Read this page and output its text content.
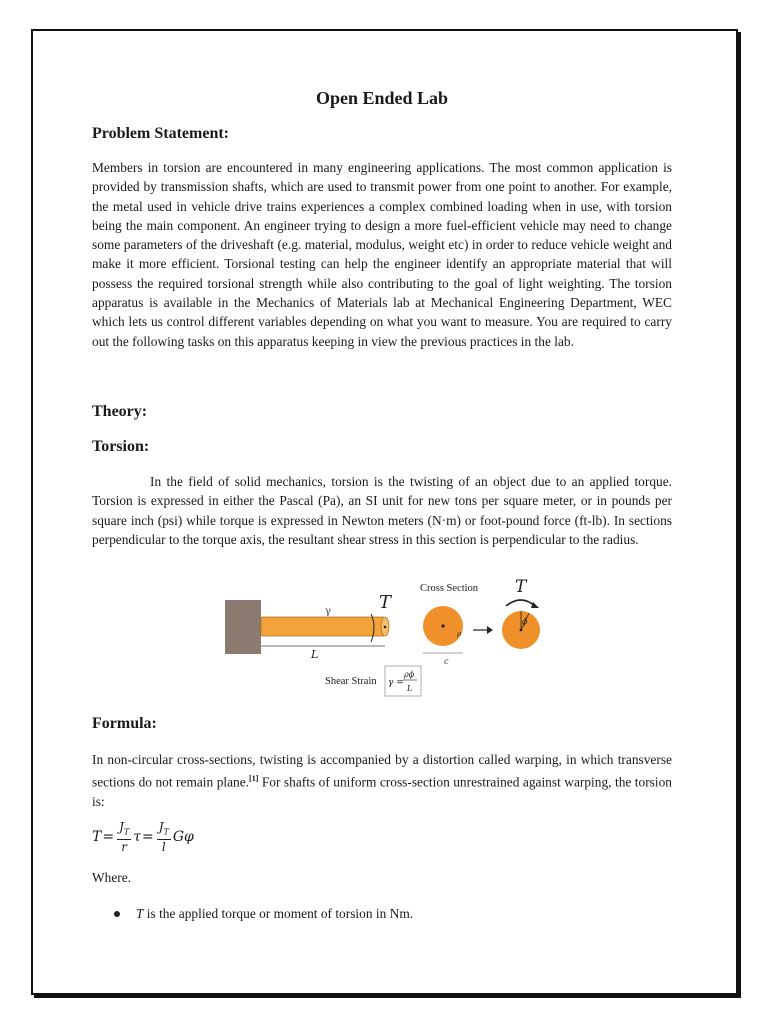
Open Ended Lab
Problem Statement:

Members in torsion are encountered in many engineering applications. The most common application is provided by transmission shafts, which are used to transmit power from one point to another. For example, the metal used in vehicle drive trains experiences a complex combined loading when in use, with torsion being the main component. An engineer trying to design a more fuel-efficient vehicle may need to change some parameters of the driveshaft (e.g. material, modulus, weight etc) in order to reduce vehicle weight and make it more efficient. Torsional testing can help the engineer identify an appropriate material that will possess the required torsional strength while also contributing to the goal of light weighting. The torsion apparatus is available in the Mechanics of Materials lab at Mechanical Engineering Department, WEC which lets us control different variables depending on what you want to measure. You are required to carry out the following tasks on this apparatus keeping in view the previous practices in the lab.

Theory:
Torsion:

In the field of solid mechanics, torsion is the twisting of an object due to an applied torque. Torsion is expressed in either the Pascal (Pa), an SI unit for new tons per square meter, or in pounds per square inch (psi) while torque is expressed in Newton meters (N·m) or foot-pound force (ft-lb). In sections perpendicular to the torque axis, the resultant shear stress in this section is perpendicular to the radius.

Formula:

In non-circular cross-sections, twisting is accompanied by a distortion called warping, in which transverse sections do not remain plane.[1] For shafts of uniform cross-section unrestrained against warping, the torsion is:

T
γ
L
Cross Section
ρ
c
ϕ
T
Shear Strain γ =
ρϕ
L
$T = \frac{J_T}{r}$ $\tau = \frac{J_T}{l}$ Gφ
Where.
T is the applied torque or moment of torsion in Nm.
